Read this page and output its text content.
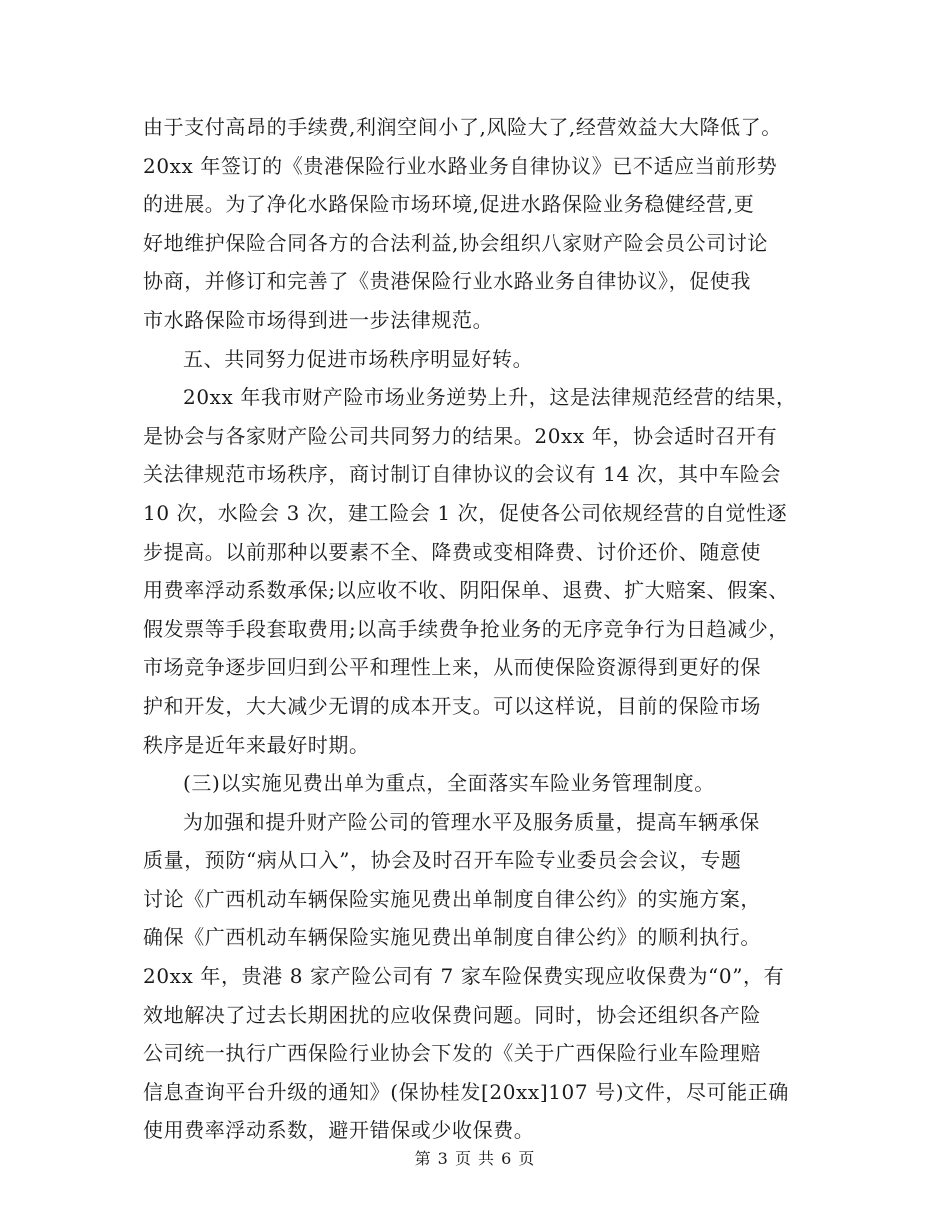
由于支付高昂的手续费,利润空间小了,风险大了,经营效益大大降低了。
20xx 年签订的《贵港保险行业水路业务自律协议》已不适应当前形势
的进展。为了净化水路保险市场环境,促进水路保险业务稳健经营,更
好地维护保险合同各方的合法利益,协会组织八家财产险会员公司讨论
协商，并修订和完善了《贵港保险行业水路业务自律协议》，促使我
市水路保险市场得到进一步法律规范。
五、共同努力促进市场秩序明显好转。
20xx 年我市财产险市场业务逆势上升，这是法律规范经营的结果，
是协会与各家财产险公司共同努力的结果。20xx 年，协会适时召开有
关法律规范市场秩序，商讨制订自律协议的会议有 14 次，其中车险会
10 次，水险会 3 次，建工险会 1 次，促使各公司依规经营的自觉性逐
步提高。以前那种以要素不全、降费或变相降费、讨价还价、随意使
用费率浮动系数承保;以应收不收、阴阳保单、退费、扩大赔案、假案、
假发票等手段套取费用;以高手续费争抢业务的无序竞争行为日趋减少，
市场竞争逐步回归到公平和理性上来，从而使保险资源得到更好的保
护和开发，大大减少无谓的成本开支。可以这样说，目前的保险市场
秩序是近年来最好时期。
(三)以实施见费出单为重点，全面落实车险业务管理制度。
为加强和提升财产险公司的管理水平及服务质量，提高车辆承保
质量，预防“病从口入”，协会及时召开车险专业委员会会议，专题
讨论《广西机动车辆保险实施见费出单制度自律公约》的实施方案，
确保《广西机动车辆保险实施见费出单制度自律公约》的顺利执行。
20xx 年，贵港 8 家产险公司有 7 家车险保费实现应收保费为“0”，有
效地解决了过去长期困扰的应收保费问题。同时，协会还组织各产险
公司统一执行广西保险行业协会下发的《关于广西保险行业车险理赔
信息查询平台升级的通知》(保协桂发[20xx]107 号)文件，尽可能正确
使用费率浮动系数，避开错保或少收保费。
第 3 页 共 6 页
